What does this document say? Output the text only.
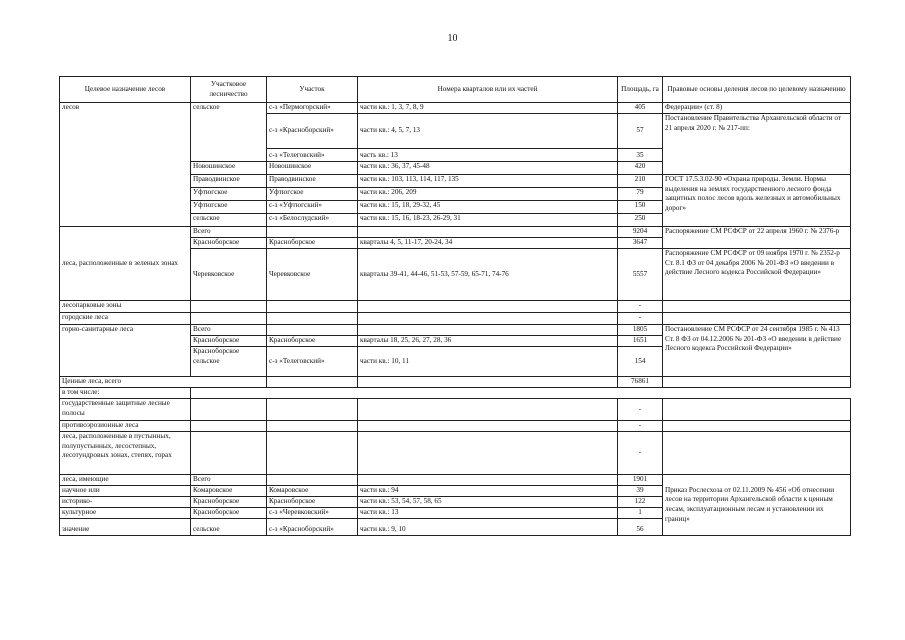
10
Целевое назначение лесов	Участковое лесничество	Участок	Номера кварталов или их частей	Площадь, га	Правовые основы деления лесов по целевому назначению
лесов	сельское	с-з «Пермогорский»	части кв.: 1, 3, 7, 8, 9	405	Федерации» (ст. 8)
		с-з «Красноборский»	части кв.: 4, 5, 7, 13	57	Постановление Правительства Архангельской области от 21 апреля 2020 г. № 217-пп:
		с-з «Телеговский»	часть кв.: 13	35	
	Новошинское	Новошинское	части кв.: 36, 37, 45-48	420	
	Праводвинское	Праводвинское	части кв.: 103, 113, 114, 117, 135	210	ГОСТ 17.5.3.02-90 «Охрана природы. Земли. Нормы выделения на землях государственного лесного фонда защитных полос лесов вдоль железных и автомобильных дорог»
	Уфтюгское	Уфтюгское	части кв.: 206, 209	79	
	Уфтюгское	с-з «Уфтюгский»	части кв.: 15, 18, 29-32, 45	150	
	сельское	с-з «Белослудский»	части кв.: 15, 16, 18-23, 26-29, 31	250	
леса, расположенные в зеленых зонах	Всего			9204	Распоряжение СМ РСФСР от 22 апреля 1960 г. № 2376-р
	Красноборское	Красноборское	кварталы 4, 5, 11-17, 20-24, 34	3647	
	Черевковское	Черевковское	кварталы 39-41, 44-46, 51-53, 57-59, 65-71, 74-76	5557	Распоряжение СМ РСФСР от 09 ноября 1970 г. № 2352-р Ст. 8.1 ФЗ от 04 декабря 2006 № 201-ФЗ «О введении в действие Лесного кодекса Российской Федерации»
лесопарковые зоны				-	
городские леса				-	
горно-санитарные леса	Всего			1805	Постановление СМ РСФСР от 24 сентября 1985 г. № 413 Ст. 8 ФЗ от 04.12.2006 № 201-ФЗ «О введении в действие Лесного кодекса Российской Федерации»
	Красноборское	Красноборское	кварталы 18, 25, 26, 27, 28, 36	1651	
	Красноборское сельское	с-з «Телеговский»	части кв.: 10, 11	154	
Ценные леса, всего				76861	
в том числе:					
государственные защитные лесные полосы				-	
противоэрозионные леса				-	
леса, расположенные в пустынных, полупустынных, лесостепных, лесотундровых зонах, степях, горах				-	
леса, имеющие	Всего			1901	Приказ Рослесхоза от 02.11.2009 № 456 «Об отнесении лесов на территории Архангельской области к ценным лесам, эксплуатационным лесам и установлении их границ»
научное или	Комаровское	Комаровское	части кв.: 94	39	
историко-	Красноборское	Красноборское	части кв.: 53, 54, 57, 58, 65	122	
культурное	Красноборское	с-з «Черевковский»	части кв.: 13	1	
значение	сельское	с-з «Красноборский»	части кв.: 9, 10	56	
